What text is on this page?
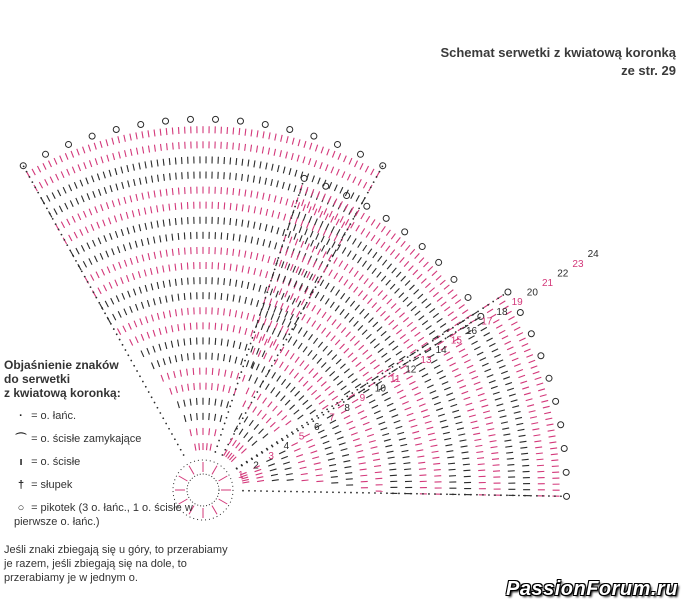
1
2
3
4
5
6
7
8
9
10
11
12
13
14
15
16
17
18
19
20
21
22
23
24
Schemat serwetki z kwiatową koronką
ze str. 29
Objaśnienie znaków
do serwetki
z kwiatową koronką:
· = o. łańc.
⌒ = o. ścisłe zamykające
ı = o. ścisłe
† = słupek
○ = pikotek (3 o. łańc., 1 o. ścisłe w pierwsze o. łańc.)
Jeśli znaki zbiegają się u góry, to przerabiamy je razem, jeśli zbiegają się na dole, to przerabiamy je w jednym o.	PassionForum.ru
